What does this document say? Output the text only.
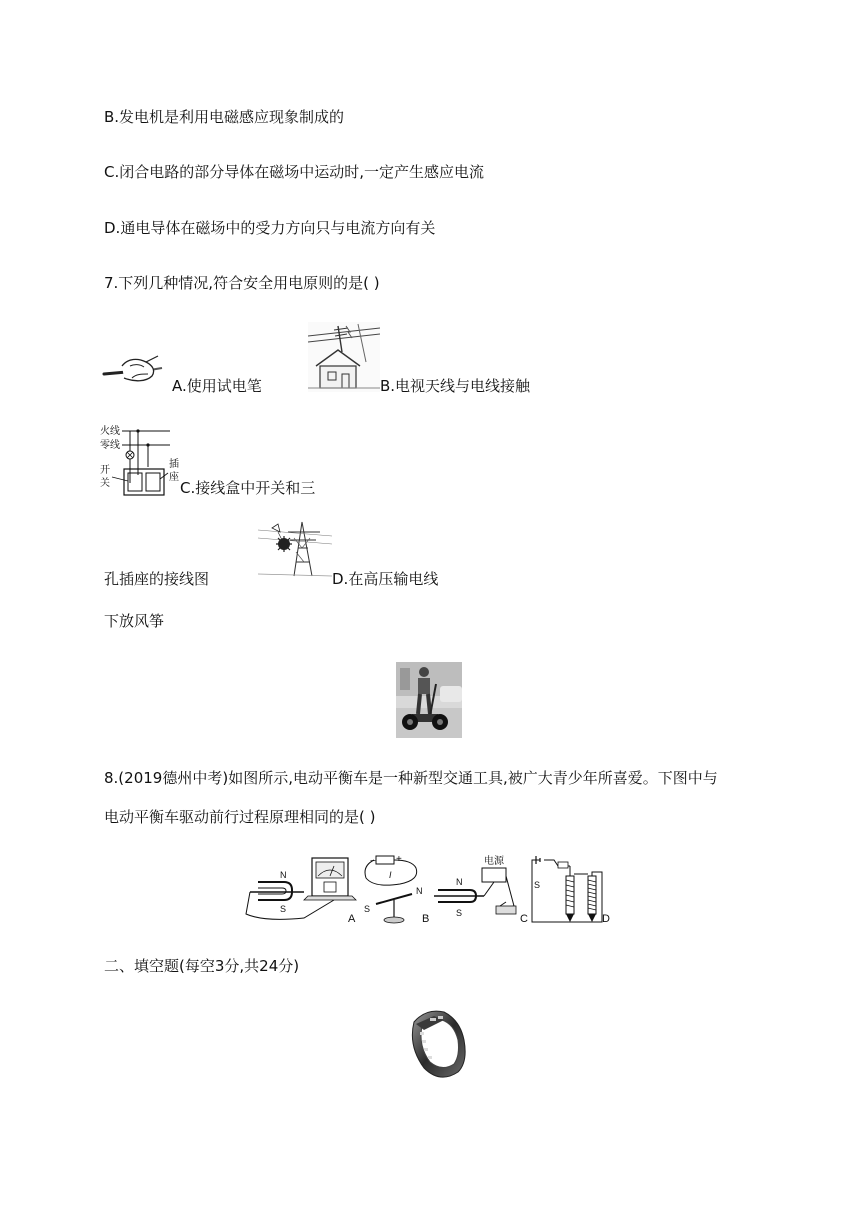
B.发电机是利用电磁感应现象制成的
C.闭合电路的部分导体在磁场中运动时,一定产生感应电流
D.通电导体在磁场中的受力方向只与电流方向有关
7.下列几种情况,符合安全用电原则的是( )
A.使用试电笔	B.电视天线与电线接触
火线
零线
开
关
插
座
C.接线盒中开关和三
孔插座的接线图	D.在高压输电线
下放风筝
8.(2019德州中考)如图所示,电动平衡车是一种新型交通工具,被广大青少年所喜爱。下图中与
电动平衡车驱动前行过程原理相同的是( )
N
S
A
− +
I
N
S
B
电源
N
S	C
S
D
二、填空题(每空3分,共24分)
